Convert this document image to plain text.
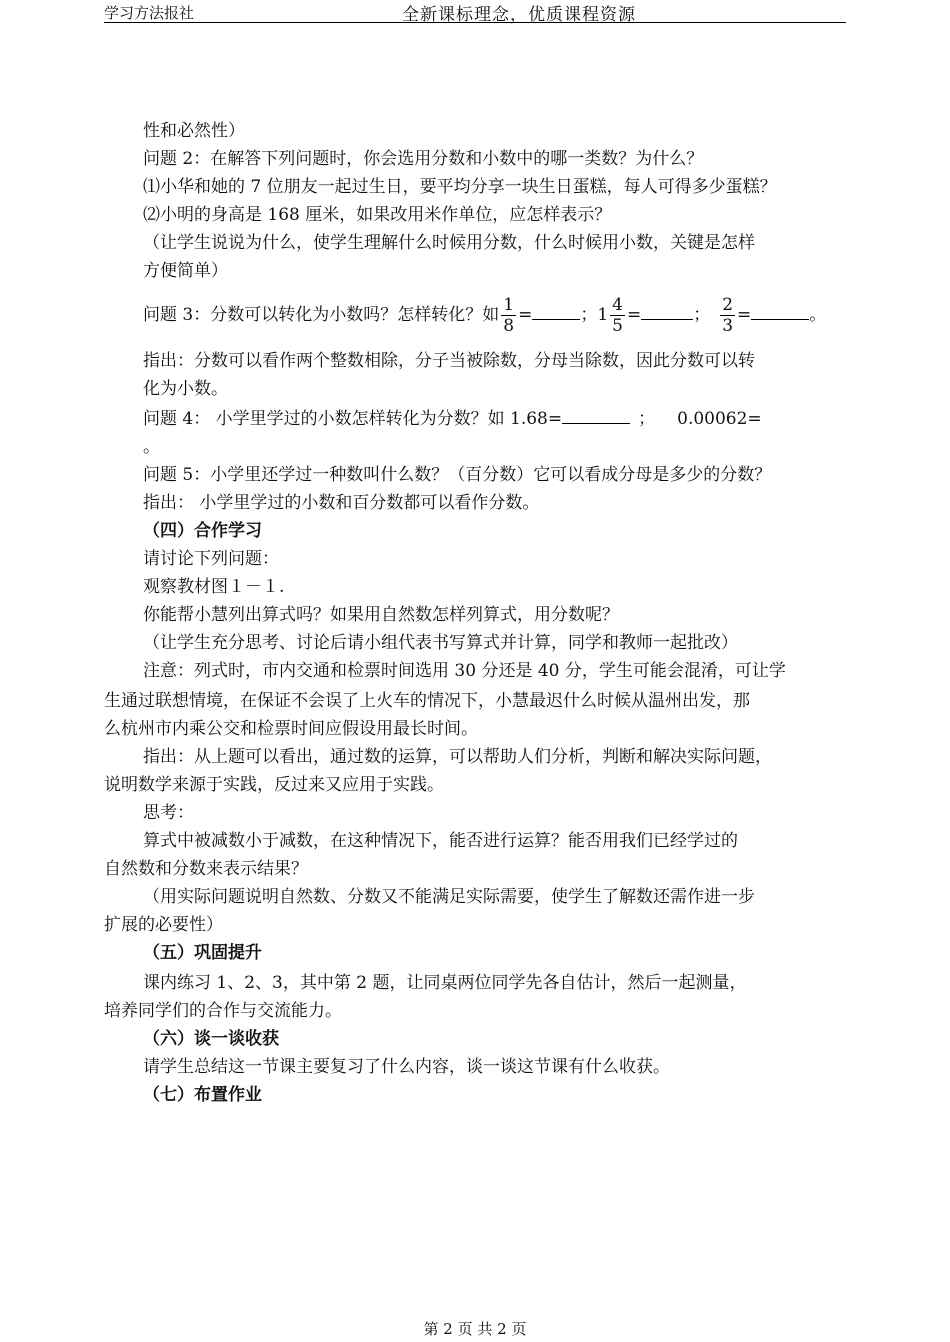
学习方法报社	全新课标理念，优质课程资源
性和必然性）
问题 2：在解答下列问题时，你会选用分数和小数中的哪一类数？为什么？
⑴小华和她的 7 位朋友一起过生日，要平均分享一块生日蛋糕，每人可得多少蛋糕？
⑵小明的身高是 168 厘米，如果改用米作单位，应怎样表示？
（让学生说说为什么，使学生理解什么时候用分数，什么时候用小数，关键是怎样
方便简单）
问题 3：分数可以转化为小数吗？怎样转化？如 $\frac{1}{8}$ =	；$1 \frac{4}{5}$ =	； $\frac{2}{3}$ =	。
指出：分数可以看作两个整数相除，分子当被除数，分母当除数，因此分数可以转
化为小数。
问题 4： 小学里学过的小数怎样转化为分数？如 1.68=	； 0.00062=
。
问题 5：小学里还学过一种数叫什么数？（百分数）它可以看成分母是多少的分数？
指出： 小学里学过的小数和百分数都可以看作分数。
（四）合作学习
请讨论下列问题：
观察教材图１－１.
你能帮小慧列出算式吗？如果用自然数怎样列算式，用分数呢？
（让学生充分思考、讨论后请小组代表书写算式并计算，同学和教师一起批改）
注意：列式时，市内交通和检票时间选用 30 分还是 40 分，学生可能会混淆，可让学
生通过联想情境，在保证不会误了上火车的情况下，小慧最迟什么时候从温州出发，那
么杭州市内乘公交和检票时间应假设用最长时间。
指出：从上题可以看出，通过数的运算，可以帮助人们分析，判断和解决实际问题，
说明数学来源于实践，反过来又应用于实践。
思考：
算式中被减数小于减数，在这种情况下，能否进行运算？能否用我们已经学过的
自然数和分数来表示结果？
（用实际问题说明自然数、分数又不能满足实际需要，使学生了解数还需作进一步
扩展的必要性）
（五）巩固提升
课内练习 1、2、3，其中第 2 题，让同桌两位同学先各自估计，然后一起测量，
培养同学们的合作与交流能力。
（六）谈一谈收获
请学生总结这一节课主要复习了什么内容，谈一谈这节课有什么收获。
（七）布置作业
第 2 页 共 2 页
